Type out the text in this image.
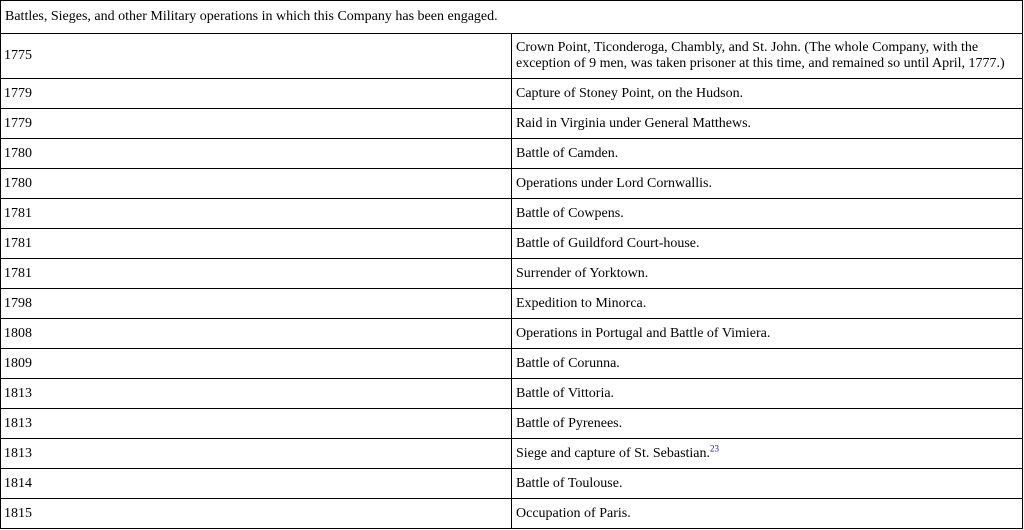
Battles, Sieges, and other Military operations in which this Company has been engaged.	
1775	Crown Point, Ticonderoga, Chambly, and St. John. (The whole Company, with the exception of 9 men, was taken prisoner at this time, and remained so until April, 1777.)
1779	Capture of Stoney Point, on the Hudson.
1779	Raid in Virginia under General Matthews.
1780	Battle of Camden.
1780	Operations under Lord Cornwallis.
1781	Battle of Cowpens.
1781	Battle of Guildford Court-house.
1781	Surrender of Yorktown.
1798	Expedition to Minorca.
1808	Operations in Portugal and Battle of Vimiera.
1809	Battle of Corunna.
1813	Battle of Vittoria.
1813	Battle of Pyrenees.
1813	Siege and capture of St. Sebastian.$^{23}$
1814	Battle of Toulouse.
1815	Occupation of Paris.
